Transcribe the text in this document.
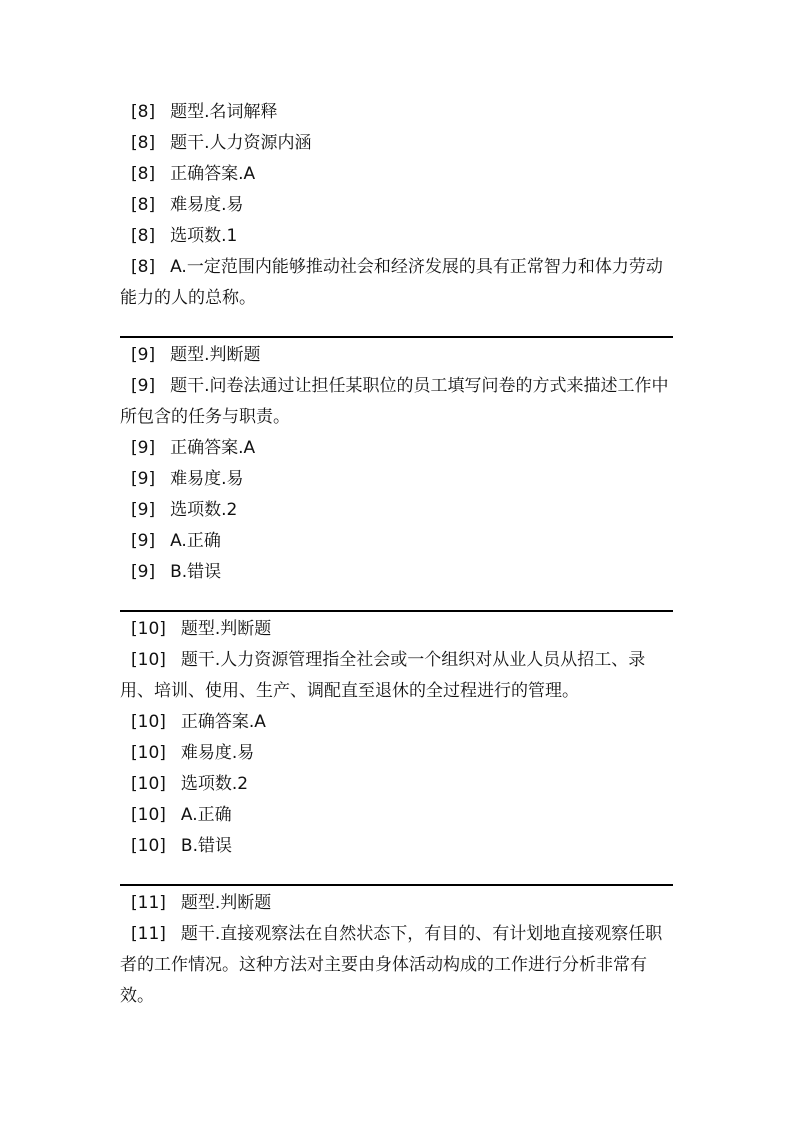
[8] 题型.名词解释
[8] 题干.人力资源内涵
[8] 正确答案.A
[8] 难易度.易
[8] 选项数.1
[8] A.一定范围内能够推动社会和经济发展的具有正常智力和体力劳动能力的人的总称。
[9] 题型.判断题
[9] 题干.问卷法通过让担任某职位的员工填写问卷的方式来描述工作中所包含的任务与职责。
[9] 正确答案.A
[9] 难易度.易
[9] 选项数.2
[9] A.正确
[9] B.错误
[10] 题型.判断题
[10] 题干.人力资源管理指全社会或一个组织对从业人员从招工、录用、培训、使用、生产、调配直至退休的全过程进行的管理。
[10] 正确答案.A
[10] 难易度.易
[10] 选项数.2
[10] A.正确
[10] B.错误
[11] 题型.判断题
[11] 题干.直接观察法在自然状态下，有目的、有计划地直接观察任职者的工作情况。这种方法对主要由身体活动构成的工作进行分析非常有效。
